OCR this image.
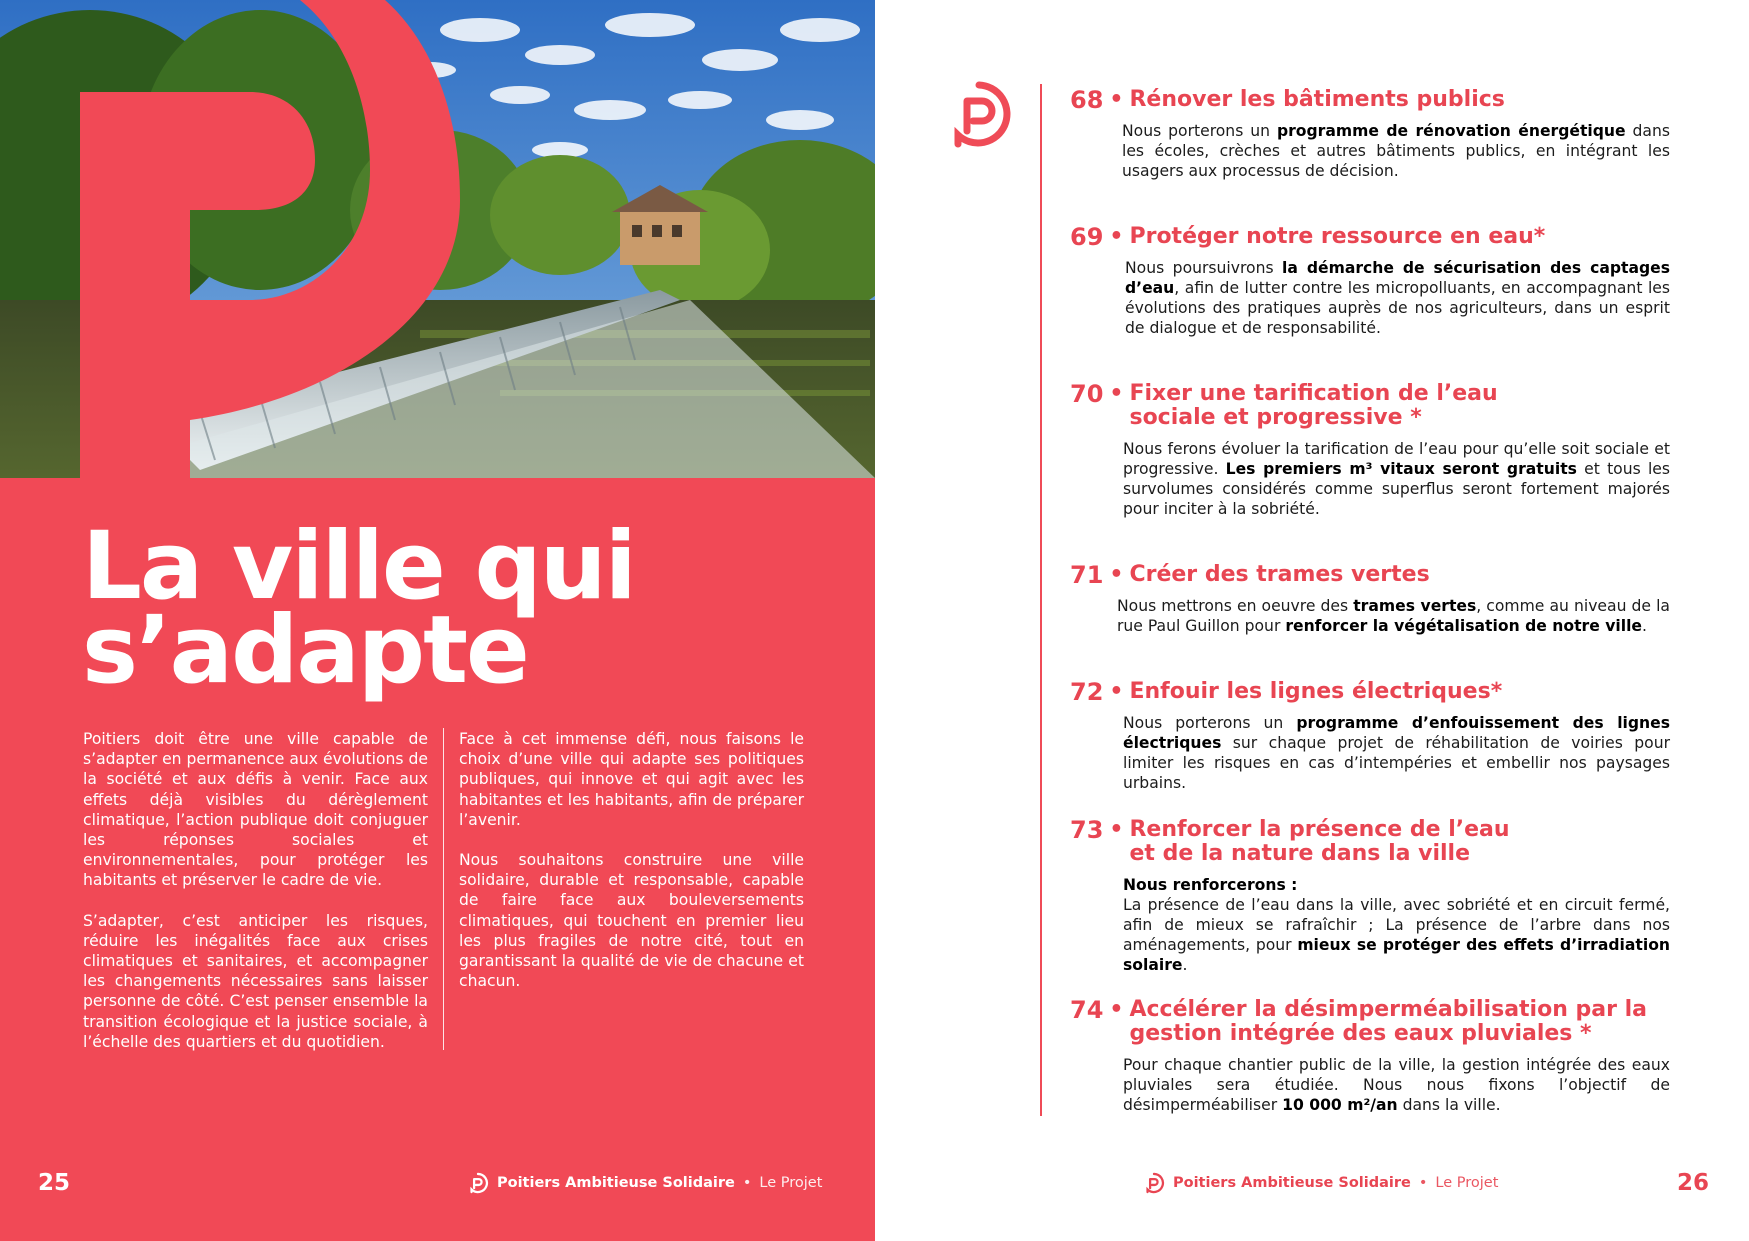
La ville qui
s’adapte

Poitiers doit être une ville capable de s’adapter en permanence aux évolutions de la société et aux défis à venir. Face aux effets déjà visibles du dérèglement climatique, l’action publique doit conjuguer les réponses sociales et environnementales, pour protéger les habitants et préserver le cadre de vie.

S’adapter, c’est anticiper les risques, réduire les inégalités face aux crises climatiques et sanitaires, et accompagner les changements nécessaires sans laisser personne de côté. C’est penser ensemble la transition écologique et la justice sociale, à l’échelle des quartiers et du quotidien.

Face à cet immense défi, nous faisons le choix d’une ville qui adapte ses politiques publiques, qui innove et qui agit avec les habitantes et les habitants, afin de préparer l’avenir.

Nous souhaitons construire une ville solidaire, durable et responsable, capable de faire face aux bouleversements climatiques, qui touchent en premier lieu les plus fragiles de notre cité, tout en garantissant la qualité de vie de chacune et chacun.

25	Poitiers Ambitieuse Solidaire • Le Projet
68 • Rénover les bâtiments publics
Nous porterons un programme de rénovation énergétique dans les écoles, crèches et autres bâtiments publics, en intégrant les usagers aux processus de décision.
69 • Protéger notre ressource en eau*
Nous poursuivrons la démarche de sécurisation des captages d’eau, afin de lutter contre les micropolluants, en accompagnant les évolutions des pratiques auprès de nos agriculteurs, dans un esprit de dialogue et de responsabilité.
70 • Fixer une tarification de l’eau sociale et progressive *
Nous ferons évoluer la tarification de l’eau pour qu’elle soit sociale et progressive. Les premiers m³ vitaux seront gratuits et tous les survolumes considérés comme superflus seront fortement majorés pour inciter à la sobriété.
71 • Créer des trames vertes
Nous mettrons en oeuvre des trames vertes, comme au niveau de la rue Paul Guillon pour renforcer la végétalisation de notre ville.
72 • Enfouir les lignes électriques*
Nous porterons un programme d’enfouissement des lignes électriques sur chaque projet de réhabilitation de voiries pour limiter les risques en cas d’intempéries et embellir nos paysages urbains.
73 • Renforcer la présence de l’eau et de la nature dans la ville
Nous renforcerons :
La présence de l’eau dans la ville, avec sobriété et en circuit fermé, afin de mieux se rafraîchir ; La présence de l’arbre dans nos aménagements, pour mieux se protéger des effets d’irradiation solaire.
74 • Accélérer la désimperméabilisation par la gestion intégrée des eaux pluviales *
Pour chaque chantier public de la ville, la gestion intégrée des eaux pluviales sera étudiée. Nous nous fixons l’objectif de désimperméabiliser 10 000 m²/an dans la ville.
Poitiers Ambitieuse Solidaire • Le Projet	26
